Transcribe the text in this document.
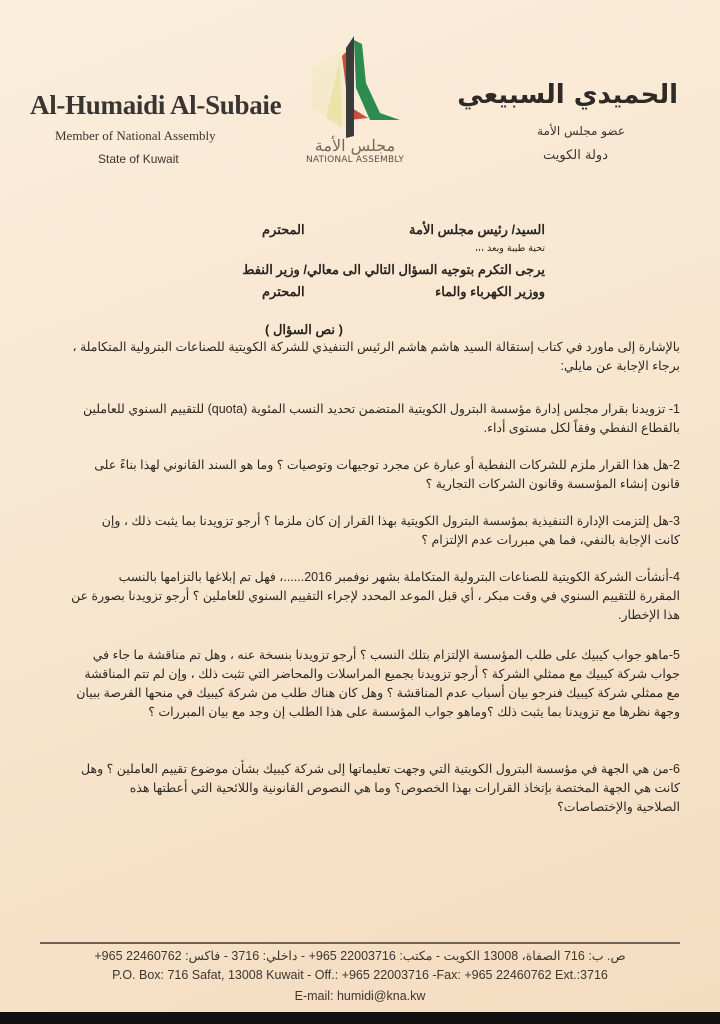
Al-Humaidi Al-Subaie
Member of National Assembly
State of Kuwait
مجلس الأمة
NATIONAL ASSEMBLY
الحميدي السبيعي
عضو مجلس الأمة
دولة الكويت
السيد/ رئيس مجلس الأمة
المحترم
تحية طيبة وبعد ،،،
يرجى التكرم بتوجيه السؤال التالي الى معالي/ وزير النفط
ووزير الكهرباء والماء
المحترم
( نص السؤال )
بالإشارة إلى ماورد في كتاب إستقالة السيد هاشم هاشم الرئيس التنفيذي للشركة الكويتية للصناعات البترولية المتكاملة ،
برجاء الإجابة عن مايلي:
1- تزويدنا بقرار مجلس إدارة مؤسسة البترول الكويتية المتضمن تحديد النسب المئوية (quota) للتقييم السنوي للعاملين
بالقطاع النفطي وفقاً لكل مستوى أداء.
2-هل هذا القرار ملزم للشركات النفطية أو عبارة عن مجرد توجيهات وتوصيات ؟ وما هو السند القانوني لهذا بناءً على
قانون إنشاء المؤسسة وقانون الشركات التجارية ؟
3-هل إلتزمت الإدارة التنفيذية بمؤسسة البترول الكويتية بهذا القرار إن كان ملزما ؟ أرجو تزويدنا بما يثبت ذلك ، وإن
كانت الإجابة بالنفي، فما هي مبررات عدم الإلتزام ؟
4-أنشأت الشركة الكويتية للصناعات البترولية المتكاملة بشهر نوفمبر 2016......، فهل تم إبلاغها بالتزامها بالنسب
المقررة للتقييم السنوي في وقت مبكر ، أي قبل الموعد المحدد لإجراء التقييم السنوي للعاملين ؟ أرجو تزويدنا بصورة عن
هذا الإخطار.
5-ماهو جواب كيبيك على طلب المؤسسة الإلتزام بتلك النسب ؟ أرجو تزويدنا بنسخة عنه ، وهل تم مناقشة ما جاء في
جواب شركة كيبيك مع ممثلي الشركة ؟ أرجو تزويدنا بجميع المراسلات والمحاضر التي تثبت ذلك ، وإن لم تتم المناقشة
مع ممثلي شركة كيبيك فنرجو بيان أسباب عدم المناقشة ؟ وهل كان هناك طلب من شركة كيبيك في منحها الفرصة ببيان
وجهة نظرها مع تزويدنا بما يثبت ذلك ؟وماهو جواب المؤسسة على هذا الطلب إن وجد مع بيان المبررات ؟
6-من هي الجهة في مؤسسة البترول الكويتية التي وجهت تعليماتها إلى شركة كيبيك بشأن موضوع تقييم العاملين ؟ وهل
كانت هي الجهة المختصة بإتخاذ القرارات بهذا الخصوص؟ وما هي النصوص القانونية واللائحية التي أعطتها هذه
الصلاحية والإختصاصات؟
ص. ب: 716 الصفاة، 13008 الكويت - مكتب: 22003716 965+ - داخلي: 3716 - فاكس: 22460762 965+
P.O. Box: 716 Safat, 13008 Kuwait - Off.: +965 22003716 -Fax: +965 22460762 Ext.:3716
E-mail: humidi@kna.kw
